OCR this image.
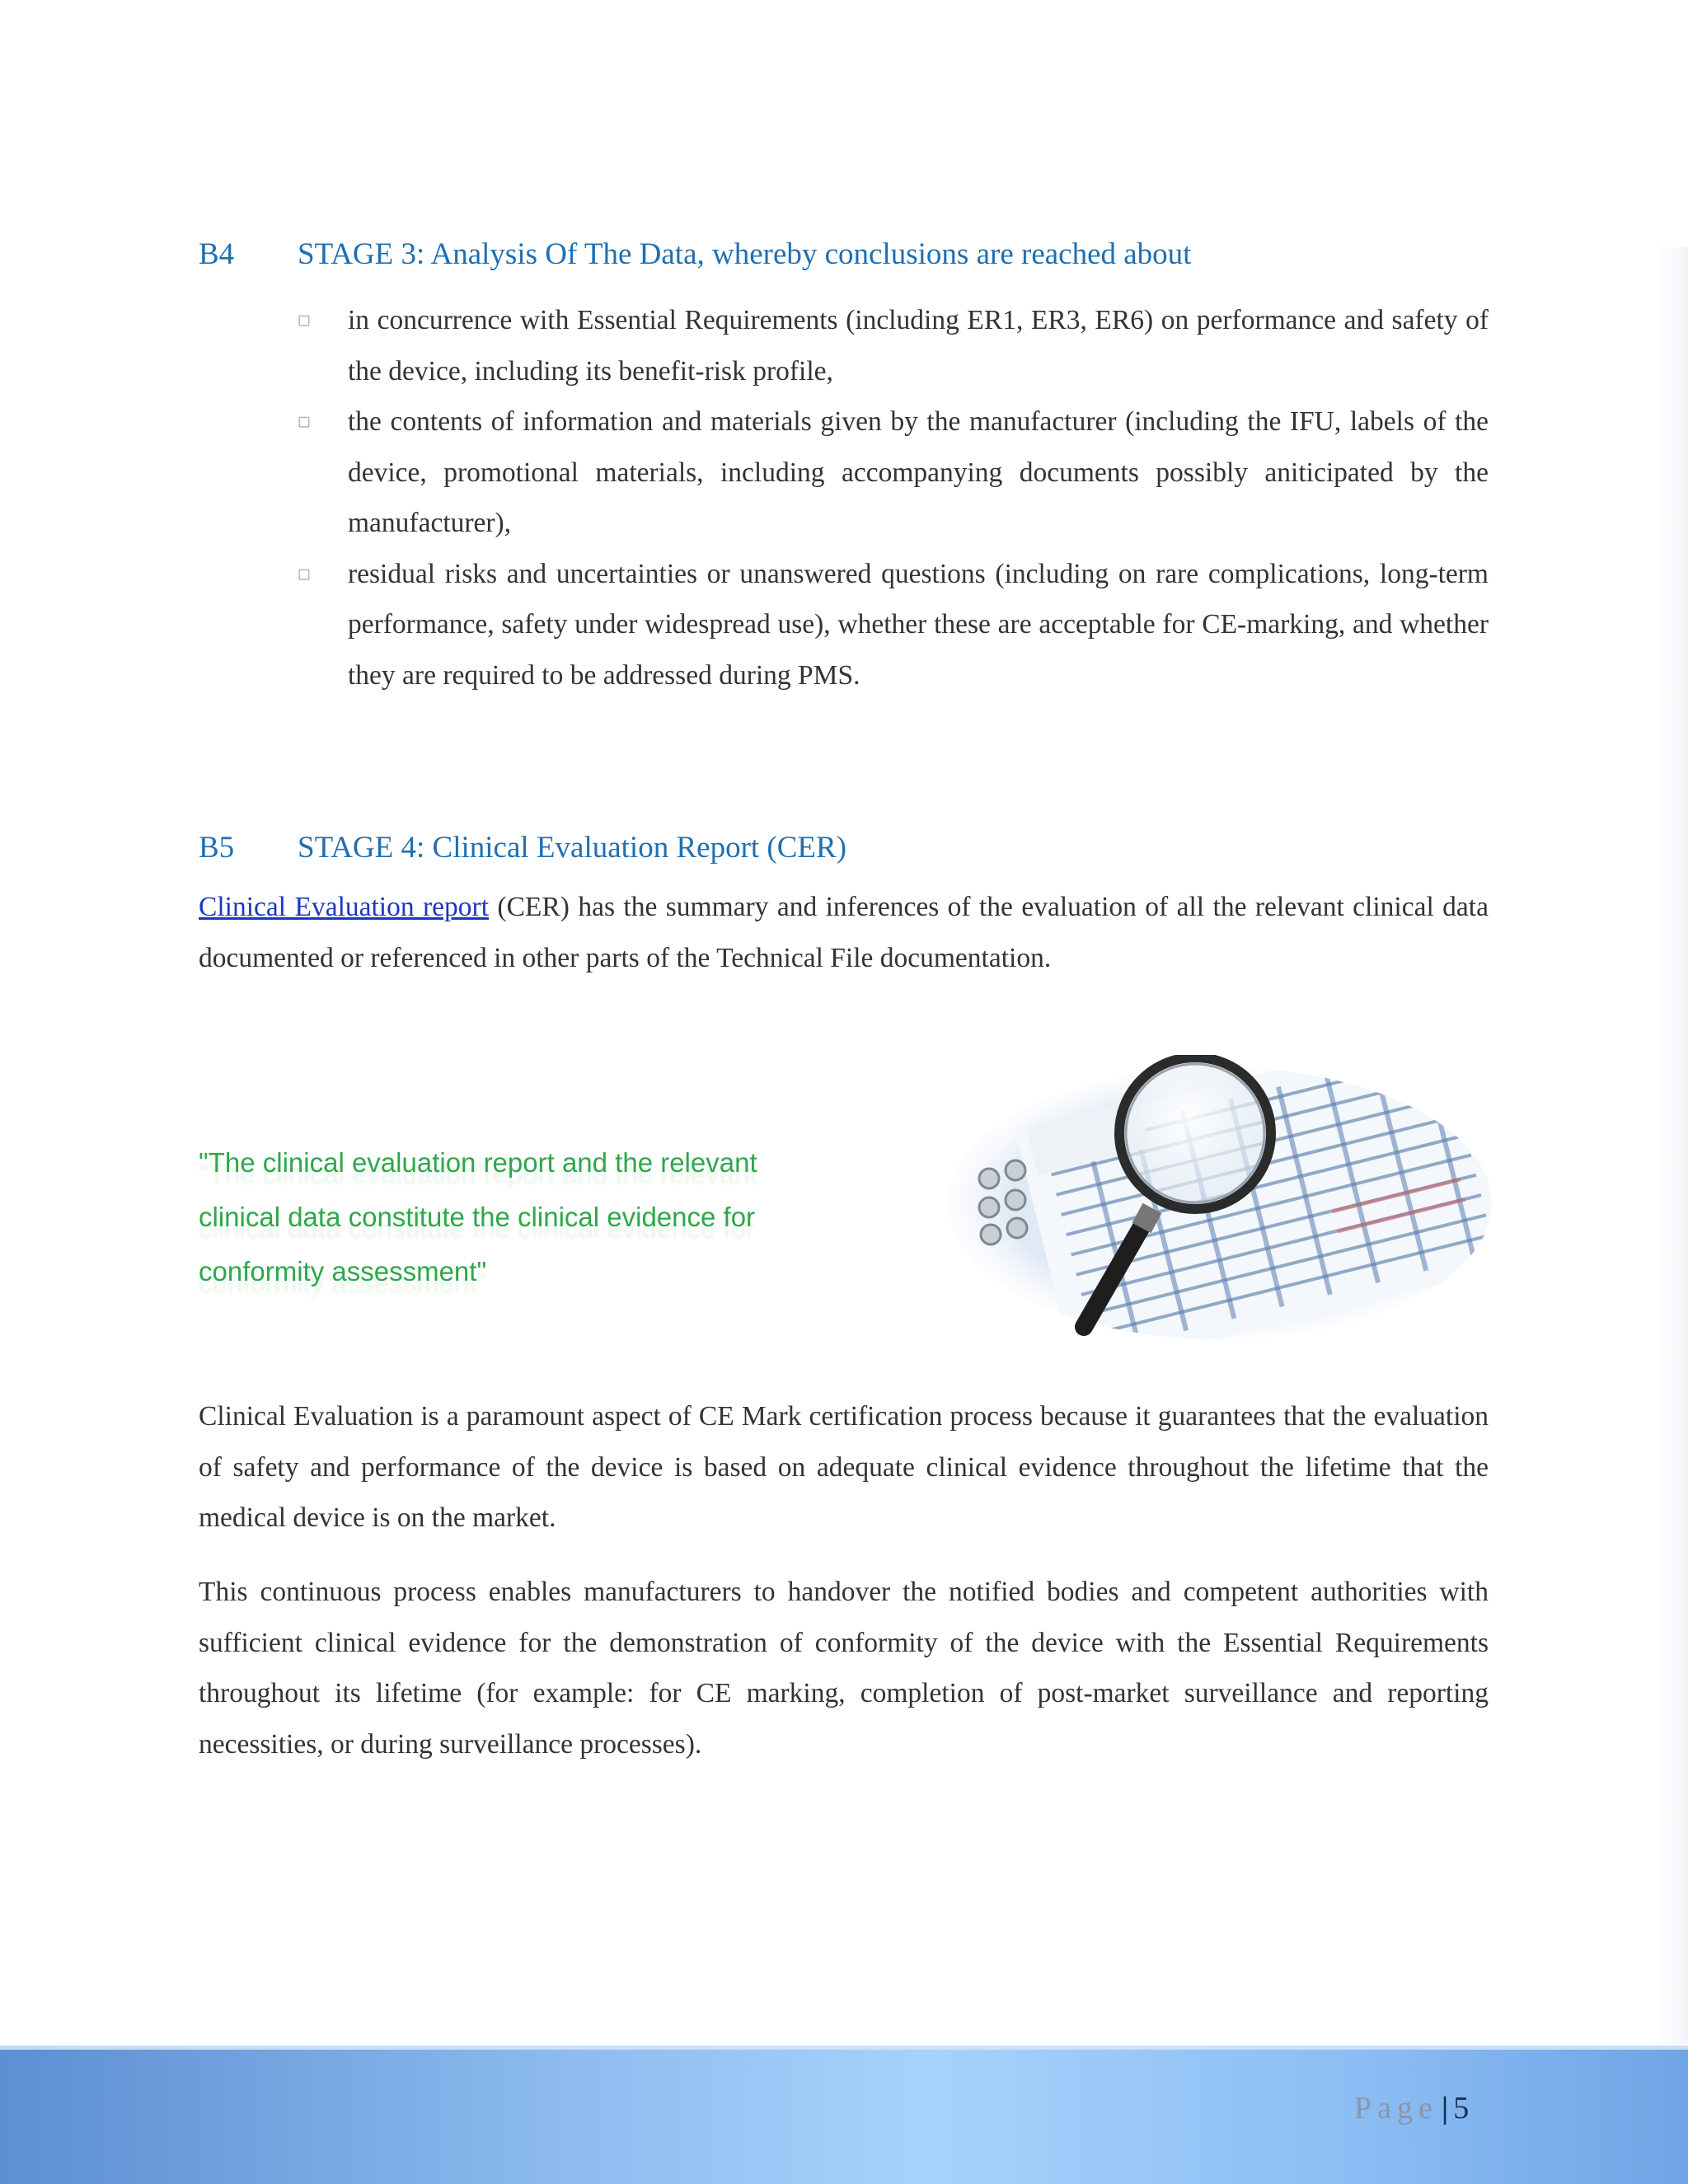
B4 STAGE 3: Analysis Of The Data, whereby conclusions are reached about
▫ in concurrence with Essential Requirements (including ER1, ER3, ER6) on performance and safety of the device, including its benefit-risk profile,
▫ the contents of information and materials given by the manufacturer (including the IFU, labels of the device, promotional materials, including accompanying documents possibly aniticipated by the manufacturer),
▫ residual risks and uncertainties or unanswered questions (including on rare complications, long-term performance, safety under widespread use), whether these are acceptable for CE-marking, and whether they are required to be addressed during PMS.
B5 STAGE 4: Clinical Evaluation Report (CER)
Clinical Evaluation report (CER) has the summary and inferences of the evaluation of all the relevant clinical data documented or referenced in other parts of the Technical File documentation.
"The clinical evaluation report and the relevant clinical data constitute the clinical evidence for conformity assessment"
Clinical Evaluation is a paramount aspect of CE Mark certification process because it guarantees that the evaluation of safety and performance of the device is based on adequate clinical evidence throughout the lifetime that the medical device is on the market.
This continuous process enables manufacturers to handover the notified bodies and competent authorities with sufficient clinical evidence for the demonstration of conformity of the device with the Essential Requirements throughout its lifetime (for example: for CE marking, completion of post-market surveillance and reporting necessities, or during surveillance processes).
Page | 5
